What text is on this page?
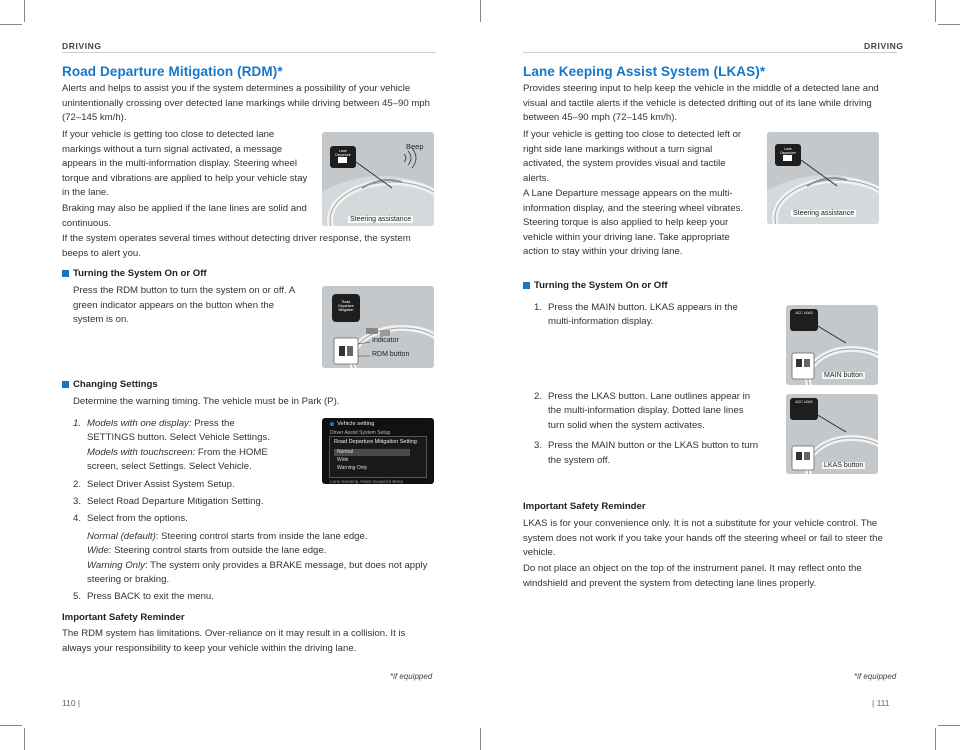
DRIVING
Road Departure Mitigation (RDM)*
Alerts and helps to assist you if the system determines a possibility of your vehicle unintentionally crossing over detected lane markings while driving between 45–90 mph (72–145 km/h).
If your vehicle is getting too close to detected lane markings without a turn signal activated, a message appears in the multi-information display. Steering wheel torque and vibrations are applied to help your vehicle stay in the lane.
Braking may also be applied if the lane lines are solid and continuous.
If the system operates several times without detecting driver response, the system beeps to alert you.
Lane Departure
Beep
Steering assistance
Turning the System On or Off
Press the RDM button to turn the system on or off. A green indicator appears on the button when the system is on.
Road Departure Mitigation
Indicator
RDM button
Changing Settings
Determine the warning timing. The vehicle must be in Park (P).
1. Models with one display: Press the SETTINGS button. Select Vehicle Settings.
Models with touchscreen: From the HOME screen, select Settings. Select Vehicle.
2. Select Driver Assist System Setup.
3. Select Road Departure Mitigation Setting.
4. Select from the options.
Normal (default): Steering control starts from inside the lane edge.
Wide: Steering control starts from outside the lane edge.
Warning Only: The system only provides a BRAKE message, but does not apply steering or braking.
5. Press BACK to exit the menu.
Vehicle setting
Driver Assist System Setup
Road Departure Mitigation Setting
Normal
Wide
Warning Only
Lane Keeping Assist Suspend Beep
Important Safety Reminder
The RDM system has limitations. Over-reliance on it may result in a collision. It is always your responsibility to keep your vehicle within the driving lane.
*if equipped
110 |
DRIVING
Lane Keeping Assist System (LKAS)*
Provides steering input to help keep the vehicle in the middle of a detected lane and visual and tactile alerts if the vehicle is detected drifting out of its lane while driving between 45–90 mph (72–145 km/h).
If your vehicle is getting too close to detected left or right side lane markings without a turn signal activated, the system provides visual and tactile alerts.
A Lane Departure message appears on the multi-information display, and the steering wheel vibrates. Steering torque is also applied to help keep your vehicle within your driving lane. Take appropriate action to stay within your driving lane.
Lane Departure
Steering assistance
Turning the System On or Off
1. Press the MAIN button. LKAS appears in the multi-information display.
2. Press the LKAS button. Lane outlines appear in the multi-information display. Dotted lane lines turn solid when the system activates.
3. Press the MAIN button or the LKAS button to turn the system off.
ACC LKAS
MAIN button
ACC LKAS
LKAS button
Important Safety Reminder
LKAS is for your convenience only. It is not a substitute for your vehicle control. The system does not work if you take your hands off the steering wheel or fail to steer the vehicle.
Do not place an object on the top of the instrument panel. It may reflect onto the windshield and prevent the system from detecting lane lines properly.
*if equipped
| 111
